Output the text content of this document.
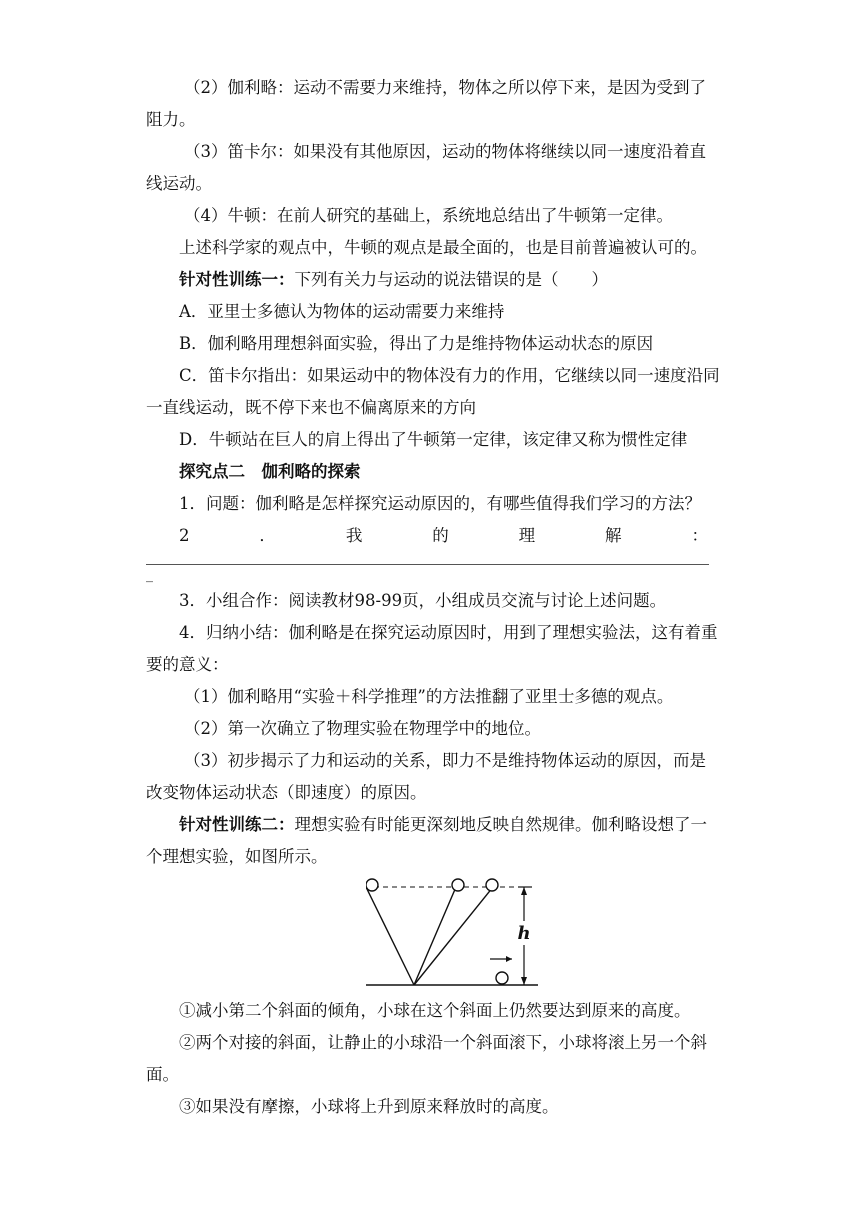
（2）伽利略：运动不需要力来维持，物体之所以停下来，是因为受到了阻力。

（3）笛卡尔：如果没有其他原因，运动的物体将继续以同一速度沿着直线运动。

（4）牛顿：在前人研究的基础上，系统地总结出了牛顿第一定律。

上述科学家的观点中，牛顿的观点是最全面的，也是目前普遍被认可的。

针对性训练一：下列有关力与运动的说法错误的是（　　）

A．亚里士多德认为物体的运动需要力来维持

B．伽利略用理想斜面实验，得出了力是维持物体运动状态的原因

C．笛卡尔指出：如果运动中的物体没有力的作用，它继续以同一速度沿同一直线运动，既不停下来也不偏离原来的方向

D．牛顿站在巨人的肩上得出了牛顿第一定律，该定律又称为惯性定律

探究点二　伽利略的探索

1．问题：伽利略是怎样探究运动原因的，有哪些值得我们学习的方法？

2	．	我	的	理	解	：
_

3．小组合作：阅读教材98-99页，小组成员交流与讨论上述问题。

4．归纳小结：伽利略是在探究运动原因时，用到了理想实验法，这有着重要的意义：

（1）伽利略用“实验＋科学推理”的方法推翻了亚里士多德的观点。

（2）第一次确立了物理实验在物理学中的地位。

（3）初步揭示了力和运动的关系，即力不是维持物体运动的原因，而是改变物体运动状态（即速度）的原因。

针对性训练二：理想实验有时能更深刻地反映自然规律。伽利略设想了一个理想实验，如图所示。

h

①减小第二个斜面的倾角，小球在这个斜面上仍然要达到原来的高度。

②两个对接的斜面，让静止的小球沿一个斜面滚下，小球将滚上另一个斜面。

③如果没有摩擦，小球将上升到原来释放时的高度。
